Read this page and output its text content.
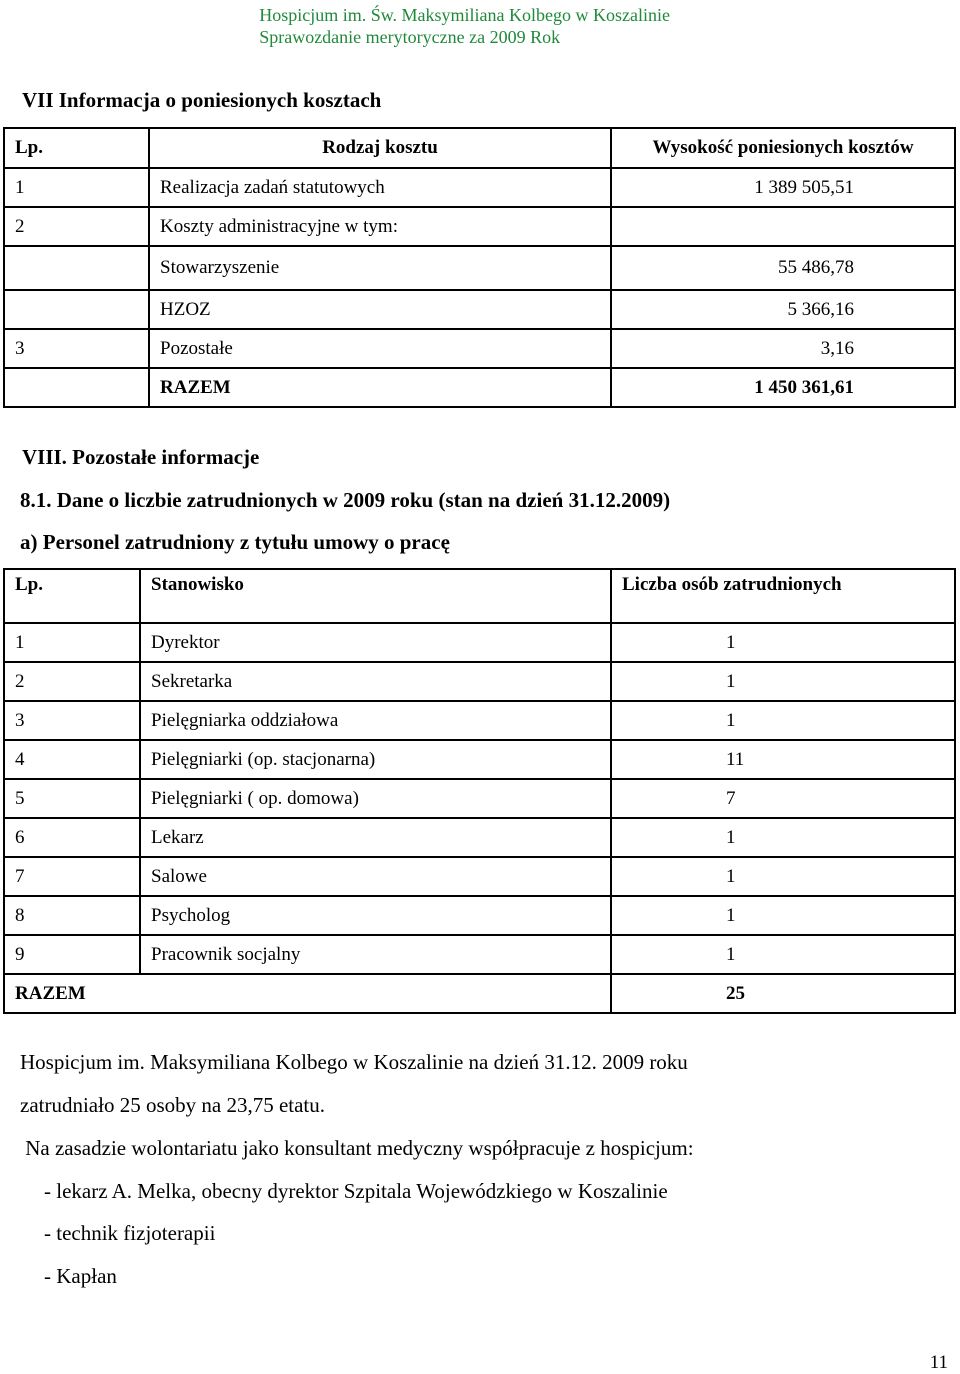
Hospicjum im. Św. Maksymiliana Kolbego w Koszalinie
Sprawozdanie merytoryczne za 2009 Rok
VII Informacja o poniesionych kosztach
Lp.	Rodzaj kosztu	Wysokość poniesionych kosztów
1	Realizacja zadań statutowych	1 389 505,51
2	Koszty administracyjne w tym:	
	Stowarzyszenie	55 486,78
	HZOZ	5 366,16
3	Pozostałe	3,16
	RAZEM	1 450 361,61
VIII. Pozostałe informacje
8.1. Dane o liczbie zatrudnionych w 2009 roku (stan na dzień 31.12.2009)
a) Personel zatrudniony z tytułu umowy o pracę
Lp.	Stanowisko	Liczba osób zatrudnionych
1	Dyrektor	1
2	Sekretarka	1
3	Pielęgniarka oddziałowa	1
4	Pielęgniarki (op. stacjonarna)	11
5	Pielęgniarki ( op. domowa)	7
6	Lekarz	1
7	Salowe	1
8	Psycholog	1
9	Pracownik socjalny	1
RAZEM		25
Hospicjum im. Maksymiliana Kolbego w Koszalinie na dzień 31.12. 2009 roku
zatrudniało 25 osoby na 23,75 etatu.
Na zasadzie wolontariatu jako konsultant medyczny współpracuje z hospicjum:
- lekarz A. Melka, obecny dyrektor Szpitala Wojewódzkiego w Koszalinie
- technik fizjoterapii
- Kapłan
11
